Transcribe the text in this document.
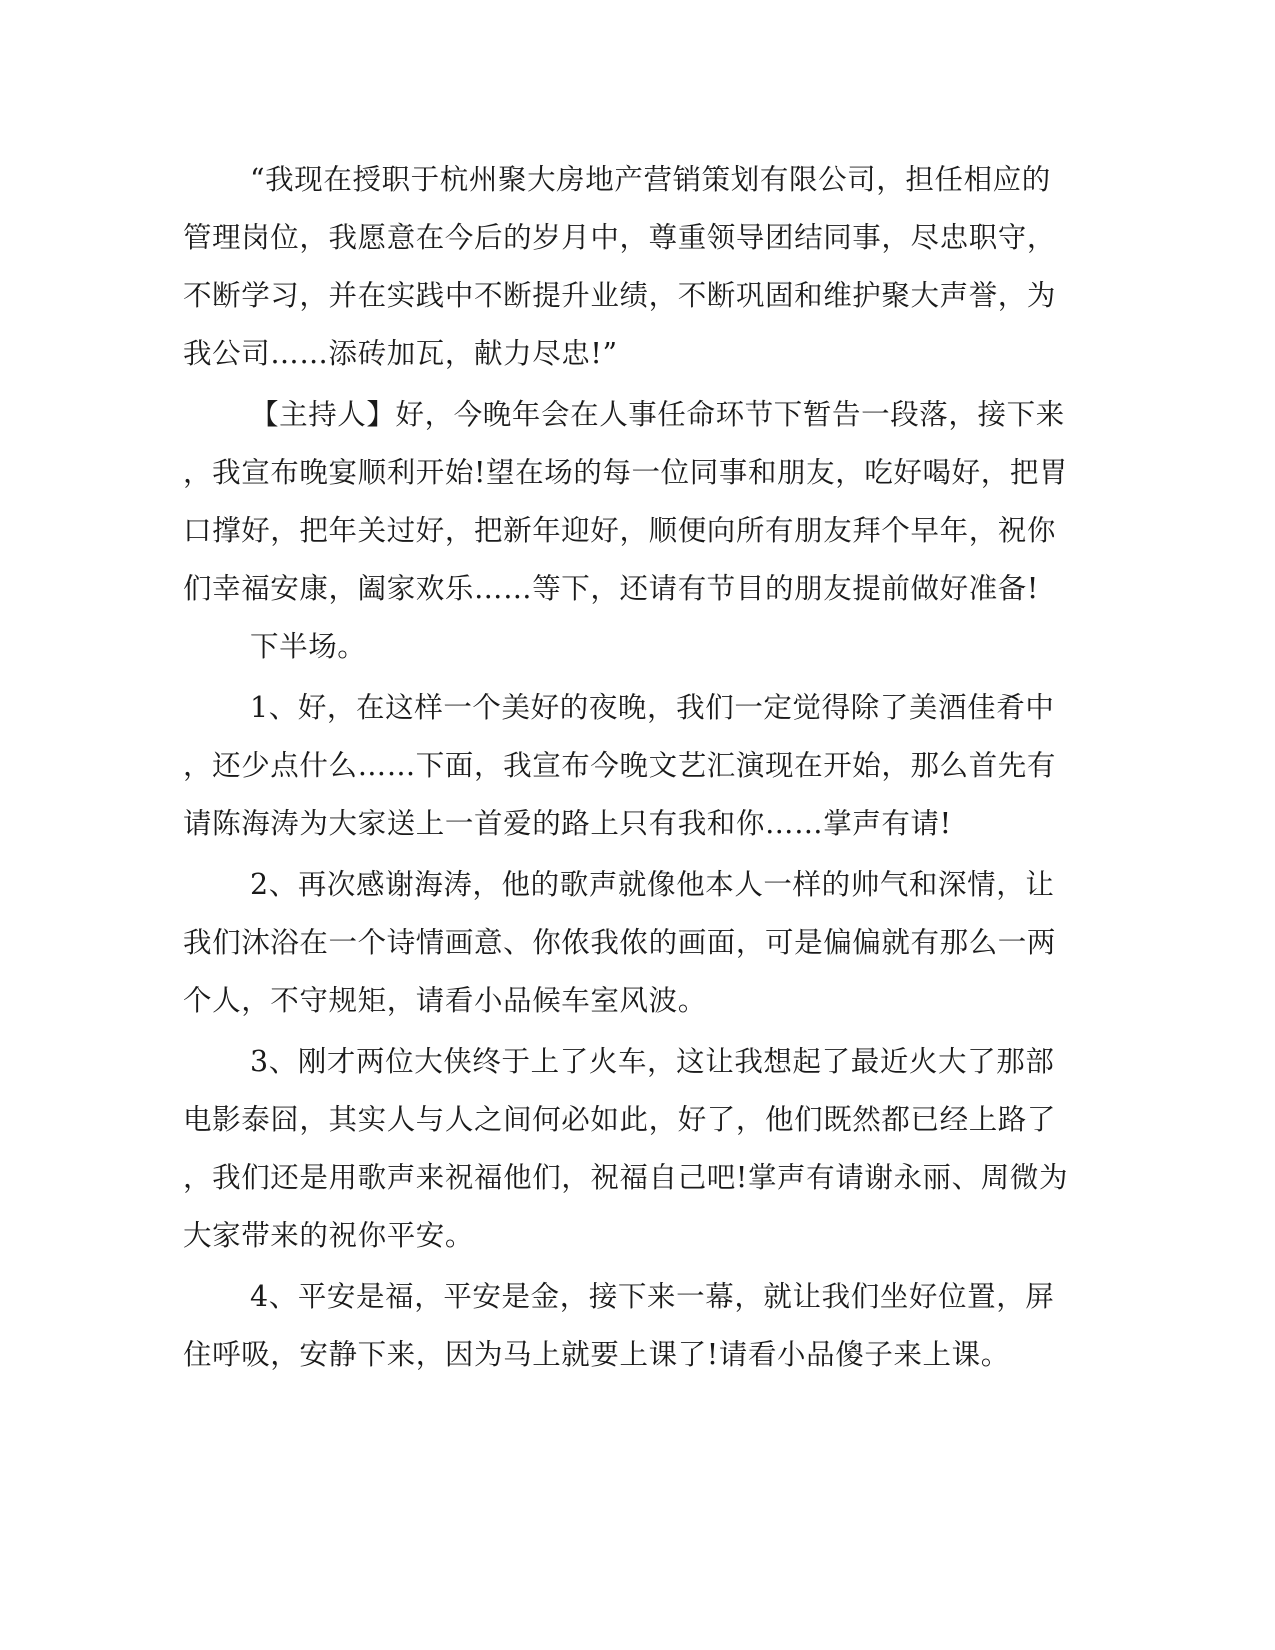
“我现在授职于杭州聚大房地产营销策划有限公司，担任相应的
管理岗位，我愿意在今后的岁月中，尊重领导团结同事，尽忠职守，
不断学习，并在实践中不断提升业绩，不断巩固和维护聚大声誉，为
我公司……添砖加瓦，献力尽忠!”
【主持人】好，今晚年会在人事任命环节下暂告一段落，接下来
，我宣布晚宴顺利开始!望在场的每一位同事和朋友，吃好喝好，把胃
口撑好，把年关过好，把新年迎好，顺便向所有朋友拜个早年，祝你
们幸福安康，阖家欢乐……等下，还请有节目的朋友提前做好准备!
下半场。
1、好，在这样一个美好的夜晚，我们一定觉得除了美酒佳肴中
，还少点什么……下面，我宣布今晚文艺汇演现在开始，那么首先有
请陈海涛为大家送上一首爱的路上只有我和你……掌声有请!
2、再次感谢海涛，他的歌声就像他本人一样的帅气和深情，让
我们沐浴在一个诗情画意、你侬我侬的画面，可是偏偏就有那么一两
个人，不守规矩，请看小品候车室风波。
3、刚才两位大侠终于上了火车，这让我想起了最近火大了那部
电影泰囧，其实人与人之间何必如此，好了，他们既然都已经上路了
，我们还是用歌声来祝福他们，祝福自己吧!掌声有请谢永丽、周微为
大家带来的祝你平安。
4、平安是福，平安是金，接下来一幕，就让我们坐好位置，屏
住呼吸，安静下来，因为马上就要上课了!请看小品傻子来上课。
